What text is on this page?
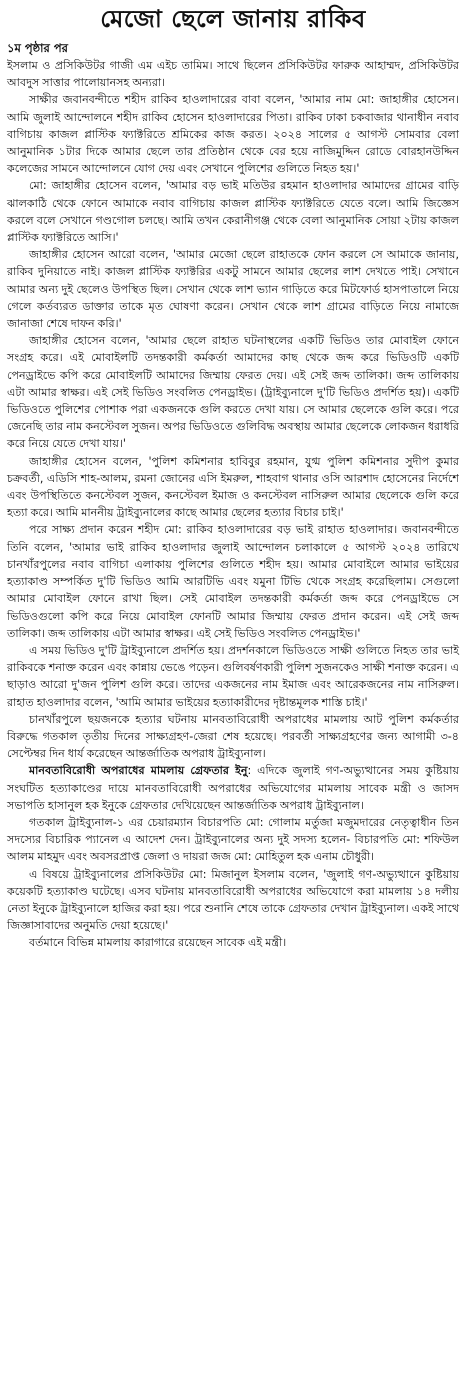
মেজো ছেলে জানায় রাকিব
১ম পৃষ্ঠার পর

ইসলাম ও প্রসিকিউটর গাজী এম এইচ তামিম। সাথে ছিলেন প্রসিকিউটর ফারুক আহাম্মদ, প্রসিকিউটর আবদুস সাত্তার পালোয়ানসহ অন্যরা।

সাক্ষীর জবানবন্দীতে শহীদ রাকিব হাওলাদারের বাবা বলেন, 'আমার নাম মো: জাহাঙ্গীর হোসেন। আমি জুলাই আন্দোলনে শহীদ রাকিব হোসেন হাওলাদারের পিতা। রাকিব ঢাকা চকবাজার থানাধীন নবাব বাগিচায় কাজল প্লাস্টিক ফ্যাক্টরিতে শ্রমিকের কাজ করত। ২০২৪ সালের ৫ আগস্ট সোমবার বেলা আনুমানিক ১টার দিকে আমার ছেলে তার প্রতিষ্ঠান থেকে বের হয়ে নাজিমুদ্দিন রোডে বোরহানউদ্দিন কলেজের সামনে আন্দোলনে যোগ দেয় এবং সেখানে পুলিশের গুলিতে নিহত হয়।'

মো: জাহাঙ্গীর হোসেন বলেন, 'আমার বড় ভাই মতিউর রহমান হাওলাদার আমাদের গ্রামের বাড়ি ঝালকাঠি থেকে ফোনে আমাকে নবাব বাগিচায় কাজল প্লাস্টিক ফ্যাক্টরিতে যেতে বলে। আমি জিজ্ঞেস করলে বলে সেখানে গণ্ডগোল চলছে। আমি তখন কেরানীগঞ্জ থেকে বেলা আনুমানিক সোয়া ২টায় কাজল প্লাস্টিক ফ্যাক্টরিতে আসি।'

জাহাঙ্গীর হোসেন আরো বলেন, 'আমার মেজো ছেলে রাহাতকে ফোন করলে সে আমাকে জানায়, রাকিব দুনিয়াতে নাই। কাজল প্লাস্টিক ফ্যাক্টরির একটু সামনে আমার ছেলের লাশ দেখতে পাই। সেখানে আমার অন্য দুই ছেলেও উপস্থিত ছিল। সেখান থেকে লাশ ভ্যান গাড়িতে করে মিটফোর্ড হাসপাতালে নিয়ে গেলে কর্তব্যরত ডাক্তার তাকে মৃত ঘোষণা করেন। সেখান থেকে লাশ গ্রামের বাড়িতে নিয়ে নামাজে জানাজা শেষে দাফন করি।'

জাহাঙ্গীর হোসেন বলেন, 'আমার ছেলে রাহাত ঘটনাস্থলের একটি ভিডিও তার মোবাইল ফোনে সংগ্রহ করে। এই মোবাইলটি তদন্তকারী কর্মকর্তা আমাদের কাছ থেকে জব্দ করে ভিডিওটি একটি পেনড্রাইভে কপি করে মোবাইলটি আমাদের জিম্মায় ফেরত দেয়। এই সেই জব্দ তালিকা। জব্দ তালিকায় এটা আমার স্বাক্ষর। এই সেই ভিডিও সংবলিত পেনড্রাইভ। (ট্রাইব্যুনালে দু'টি ভিডিও প্রদর্শিত হয়)। একটি ভিডিওতে পুলিশের পোশাক পরা একজনকে গুলি করতে দেখা যায়। সে আমার ছেলেকে গুলি করে। পরে জেনেছি তার নাম কনস্টেবল সুজন। অপর ভিডিওতে গুলিবিদ্ধ অবস্থায় আমার ছেলেকে লোকজন ধরাধরি করে নিয়ে যেতে দেখা যায়।'

জাহাঙ্গীর হোসেন বলেন, 'পুলিশ কমিশনার হাবিবুর রহমান, যুগ্ম পুলিশ কমিশনার সুদীপ কুমার চক্রবর্তী, এডিসি শাহ-আলম, রমনা জোনের এসি ইমরুল, শাহবাগ থানার ওসি আরশাদ হোসেনের নির্দেশে এবং উপস্থিতিতে কনস্টেবল সুজন, কনস্টেবল ইমাজ ও কনস্টেবল নাসিরুল আমার ছেলেকে গুলি করে হত্যা করে। আমি মাননীয় ট্রাইব্যুনালের কাছে আমার ছেলের হত্যার বিচার চাই।'

পরে সাক্ষ্য প্রদান করেন শহীদ মো: রাকিব হাওলাদারের বড় ভাই রাহাত হাওলাদার। জবানবন্দীতে তিনি বলেন, 'আমার ভাই রাকিব হাওলাদার জুলাই আন্দোলন চলাকালে ৫ আগস্ট ২০২৪ তারিখে চানখাঁরপুলের নবাব বাগিচা এলাকায় পুলিশের গুলিতে শহীদ হয়। আমার মোবাইলে আমার ভাইয়ের হত্যাকাণ্ড সম্পর্কিত দু'টি ভিডিও আমি আরটিভি এবং যমুনা টিভি থেকে সংগ্রহ করেছিলাম। সেগুলো আমার মোবাইল ফোনে রাখা ছিল। সেই মোবাইল তদন্তকারী কর্মকর্তা জব্দ করে পেনড্রাইভে সে ভিডিওগুলো কপি করে নিয়ে মোবাইল ফোনটি আমার জিম্মায় ফেরত প্রদান করেন। এই সেই জব্দ তালিকা। জব্দ তালিকায় এটা আমার স্বাক্ষর। এই সেই ভিডিও সংবলিত পেনড্রাইভ।'

এ সময় ভিডিও দু'টি ট্রাইব্যুনালে প্রদর্শিত হয়। প্রদর্শনকালে ভিডিওতে সাক্ষী গুলিতে নিহত তার ভাই রাকিবকে শনাক্ত করেন এবং কান্নায় ভেঙে পড়েন। গুলিবর্ষণকারী পুলিশ সুজনকেও সাক্ষী শনাক্ত করেন। এ ছাড়াও আরো দু'জন পুলিশ গুলি করে। তাদের একজনের নাম ইমাজ এবং আরেকজনের নাম নাসিরুল। রাহাত হাওলাদার বলেন, 'আমি আমার ভাইয়ের হত্যাকারীদের দৃষ্টান্তমূলক শাস্তি চাই।'

চানখাঁরপুলে ছয়জনকে হত্যার ঘটনায় মানবতাবিরোধী অপরাধের মামলায় আট পুলিশ কর্মকর্তার বিরুদ্ধে গতকাল তৃতীয় দিনের সাক্ষ্যগ্রহণ-জেরা শেষ হয়েছে। পরবর্তী সাক্ষ্যগ্রহণের জন্য আগামী ৩-৪ সেপ্টেম্বর দিন ধার্য করেছেন আন্তর্জাতিক অপরাধ ট্রাইব্যুনাল।

মানবতাবিরোধী অপরাধের মামলায় গ্রেফতার ইনু: এদিকে জুলাই গণ-অভ্যুত্থানের সময় কুষ্টিয়ায় সংঘটিত হত্যাকাণ্ডের দায়ে মানবতাবিরোধী অপরাধের অভিযোগের মামলায় সাবেক মন্ত্রী ও জাসদ সভাপতি হাসানুল হক ইনুকে গ্রেফতার দেখিয়েছেন আন্তর্জাতিক অপরাধ ট্রাইব্যুনাল।

গতকাল ট্রাইব্যুনাল-১ এর চেয়ারম্যান বিচারপতি মো: গোলাম মর্তুজা মজুমদারের নেতৃত্বাধীন তিন সদস্যের বিচারিক প্যানেল এ আদেশ দেন। ট্রাইব্যুনালের অন্য দুই সদস্য হলেন- বিচারপতি মো: শফিউল আলম মাহমুদ এবং অবসরপ্রাপ্ত জেলা ও দায়রা জজ মো: মোহিতুল হক এনাম চৌধুরী।

এ বিষয়ে ট্রাইব্যুনালের প্রসিকিউটর মো: মিজানুল ইসলাম বলেন, 'জুলাই গণ-অভ্যুত্থানে কুষ্টিয়ায় কয়েকটি হত্যাকাণ্ড ঘটেছে। এসব ঘটনায় মানবতাবিরোধী অপরাধের অভিযোগে করা মামলায় ১৪ দলীয় নেতা ইনুকে ট্রাইব্যুনালে হাজির করা হয়। পরে শুনানি শেষে তাকে গ্রেফতার দেখান ট্রাইব্যুনাল। একই সাথে জিজ্ঞাসাবাদের অনুমতি দেয়া হয়েছে।'

বর্তমানে বিভিন্ন মামলায় কারাগারে রয়েছেন সাবেক এই মন্ত্রী।
